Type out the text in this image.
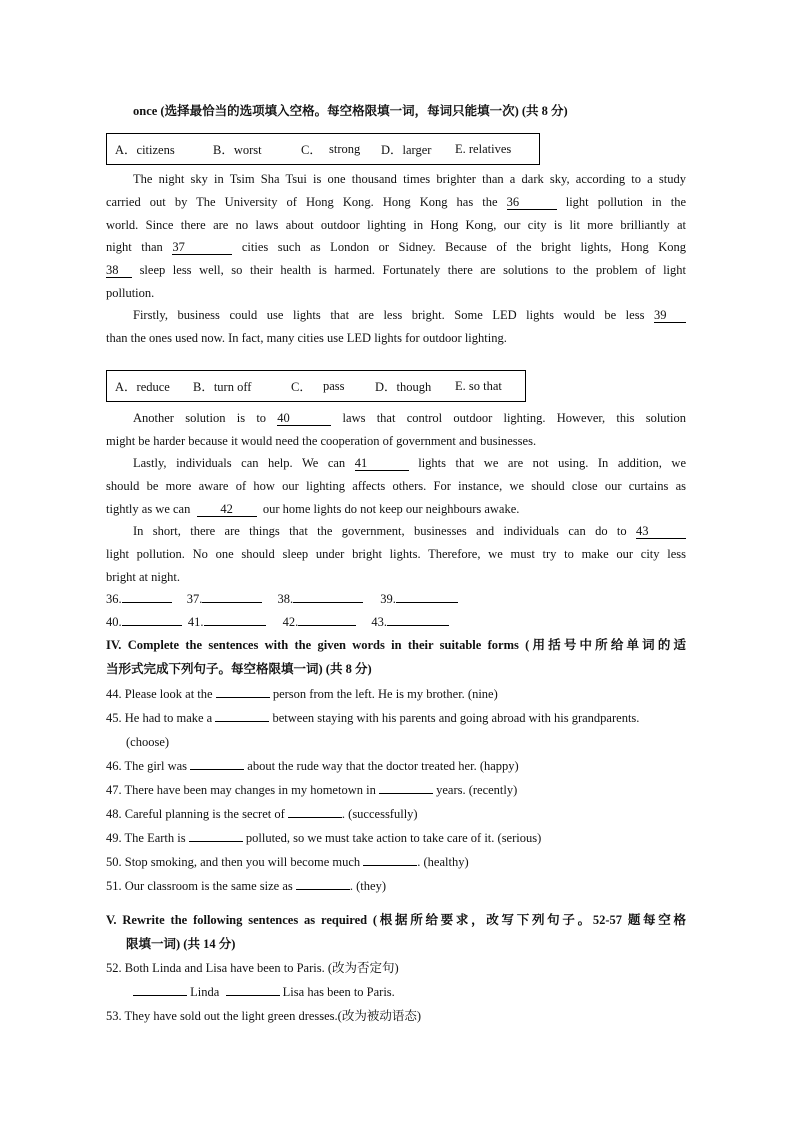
once (选择最恰当的选项填入空格。每空格限填一词，每词只能填一次) (共 8 分)
A．citizens	B．worst	C． strong	D．larger	E. relatives
The night sky in Tsim Sha Tsui is one thousand times brighter than a dark sky, according to a study
carried out by The University of Hong Kong. Hong Kong has the 36	light pollution in the
world. Since there are no laws about outdoor lighting in Hong Kong, our city is lit more brilliantly at
night than 37	cities such as London or Sidney. Because of the bright lights, Hong Kong
38 sleep less well, so their health is harmed. Fortunately there are solutions to the problem of light
pollution.
Firstly, business could use lights that are less bright. Some LED lights would be less 39
than the ones used now. In fact, many cities use LED lights for outdoor lighting.
A．reduce	B．turn off	C． pass	D．though	E. so that
Another solution is to 40	laws that control outdoor lighting. However, this solution
might be harder because it would need the cooperation of government and businesses.
Lastly, individuals can help. We can 41	lights that we are not using. In addition, we
should be more aware of how our lighting affects others. For instance, we should close our curtains as
tightly as we can 42 our home lights do not keep our neighbours awake.
In short, there are things that the government, businesses and individuals can do to 43
light pollution. No one should sleep under bright lights. Therefore, we must try to make our city less
bright at night.
36.	37.	38.	39.
40.	41.	42.	43.
IV. Complete the sentences with the given words in their suitable forms (用括号中所给单词的适
当形式完成下列句子。每空格限填一词) (共 8 分)
44. Please look at the	person from the left. He is my brother. (nine)
45. He had to make a	between staying with his parents and going abroad with his grandparents.
(choose)
46. The girl was	about the rude way that the doctor treated her. (happy)
47. There have been may changes in my hometown in	years. (recently)
48. Careful planning is the secret of	. (successfully)
49. The Earth is	polluted, so we must take action to take care of it. (serious)
50. Stop smoking, and then you will become much	. (healthy)
51. Our classroom is the same size as	. (they)
V. Rewrite the following sentences as required (根据所给要求，改写下列句子。52-57 题每空格
限填一词) (共 14 分)
52. Both Linda and Lisa have been to Paris. (改为否定句)
Linda	Lisa has been to Paris.
53. They have sold out the light green dresses.(改为被动语态)
